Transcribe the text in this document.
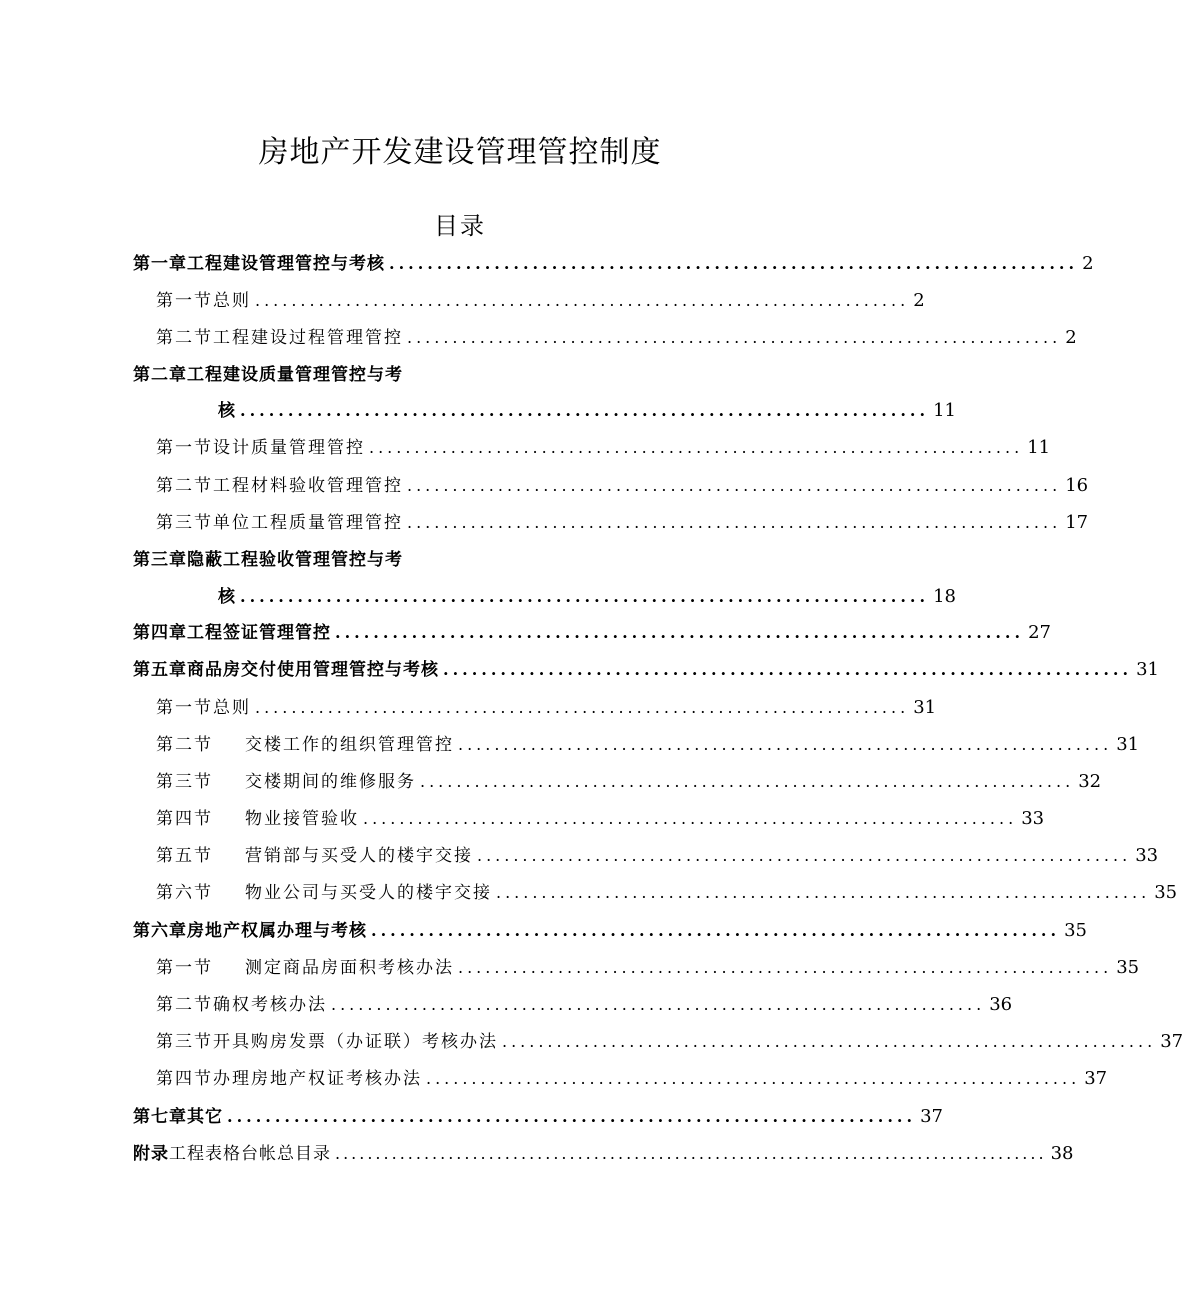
房地产开发建设管理管控制度
目录
第一章工程建设管理管控与考核 ........................................................................ 2
第一节总则 ........................................................................ 2
第二节工程建设过程管理管控 ........................................................................ 2
第二章工程建设质量管理管控与考
核 ........................................................................ 11
第一节设计质量管理管控 ........................................................................ 11
第二节工程材料验收管理管控 ........................................................................ 16
第三节单位工程质量管理管控 ........................................................................ 17
第三章隐蔽工程验收管理管控与考
核 ........................................................................ 18
第四章工程签证管理管控 ........................................................................ 27
第五章商品房交付使用管理管控与考核 ........................................................................ 31
第一节总则 ........................................................................ 31
第二节 交楼工作的组织管理管控 ........................................................................ 31
第三节 交楼期间的维修服务 ........................................................................ 32
第四节 物业接管验收 ........................................................................ 33
第五节 营销部与买受人的楼宇交接 ........................................................................ 33
第六节 物业公司与买受人的楼宇交接 ........................................................................ 35
第六章房地产权属办理与考核 ........................................................................ 35
第一节 测定商品房面积考核办法 ........................................................................ 35
第二节确权考核办法 ........................................................................ 36
第三节开具购房发票（办证联）考核办法 ........................................................................ 37
第四节办理房地产权证考核办法 ........................................................................ 37
第七章其它 ........................................................................ 37
附录工程表格台帐总目录 ........................................................................................ 38
